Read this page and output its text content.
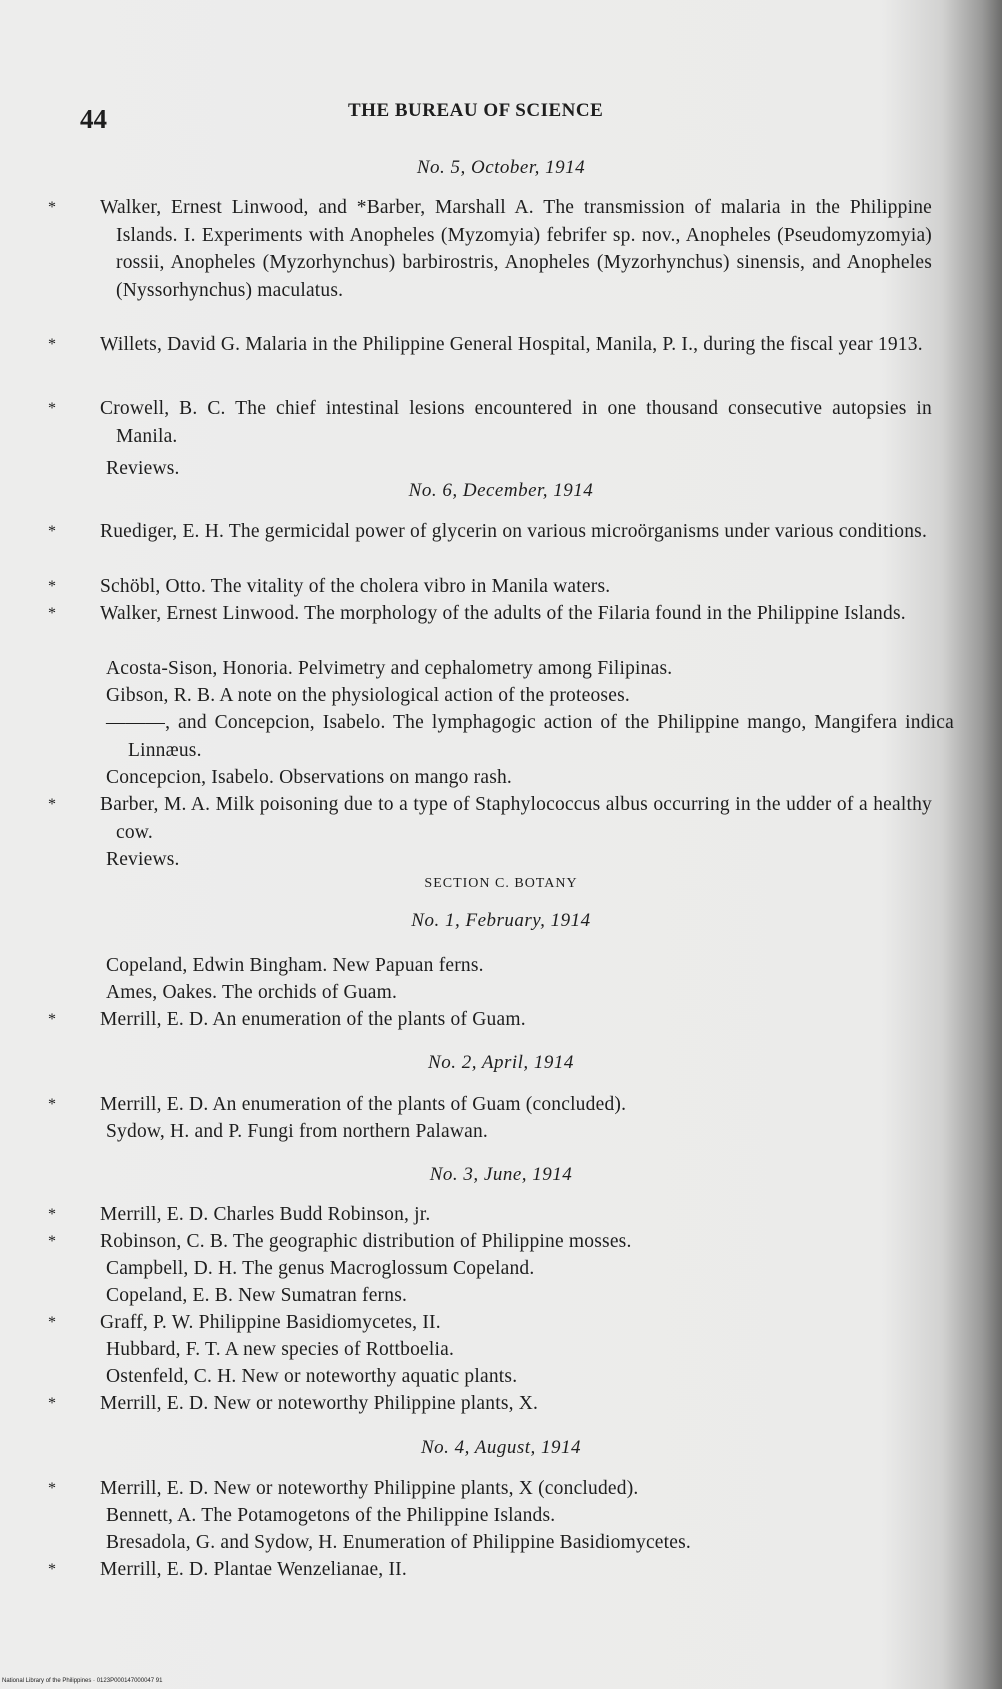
44	THE BUREAU OF SCIENCE
No. 5, October, 1914
* Walker, Ernest Linwood, and *Barber, Marshall A. The transmission of malaria in the Philippine Islands. I. Experiments with Anopheles (Myzomyia) febrifer sp. nov., Anopheles (Pseudomyzomyia) rossii, Anopheles (Myzorhynchus) barbirostris, Anopheles (Myzorhynchus) sinensis, and Anopheles (Nyssorhynchus) maculatus.
* Willets, David G. Malaria in the Philippine General Hospital, Manila, P. I., during the fiscal year 1913.
* Crowell, B. C. The chief intestinal lesions encountered in one thousand consecutive autopsies in Manila.
Reviews.
No. 6, December, 1914
* Ruediger, E. H. The germicidal power of glycerin on various microörganisms under various conditions.
* Schöbl, Otto. The vitality of the cholera vibro in Manila waters.
* Walker, Ernest Linwood. The morphology of the adults of the Filaria found in the Philippine Islands.
Acosta-Sison, Honoria. Pelvimetry and cephalometry among Filipinas.
Gibson, R. B. A note on the physiological action of the proteoses.
———, and Concepcion, Isabelo. The lymphagogic action of the Philippine mango, Mangifera indica Linnæus.
Concepcion, Isabelo. Observations on mango rash.
* Barber, M. A. Milk poisoning due to a type of Staphylococcus albus occurring in the udder of a healthy cow.
Reviews.
SECTION C. BOTANY
No. 1, February, 1914
Copeland, Edwin Bingham. New Papuan ferns.
Ames, Oakes. The orchids of Guam.
* Merrill, E. D. An enumeration of the plants of Guam.
No. 2, April, 1914
* Merrill, E. D. An enumeration of the plants of Guam (concluded).
Sydow, H. and P. Fungi from northern Palawan.
No. 3, June, 1914
* Merrill, E. D. Charles Budd Robinson, jr.
* Robinson, C. B. The geographic distribution of Philippine mosses.
Campbell, D. H. The genus Macroglossum Copeland.
Copeland, E. B. New Sumatran ferns.
* Graff, P. W. Philippine Basidiomycetes, II.
Hubbard, F. T. A new species of Rottboelia.
Ostenfeld, C. H. New or noteworthy aquatic plants.
* Merrill, E. D. New or noteworthy Philippine plants, X.
No. 4, August, 1914
* Merrill, E. D. New or noteworthy Philippine plants, X (concluded).
Bennett, A. The Potamogetons of the Philippine Islands.
Bresadola, G. and Sydow, H. Enumeration of Philippine Basidiomycetes.
* Merrill, E. D. Plantae Wenzelianae, II.
National Library of the Philippines · 0123P000147000047 91
